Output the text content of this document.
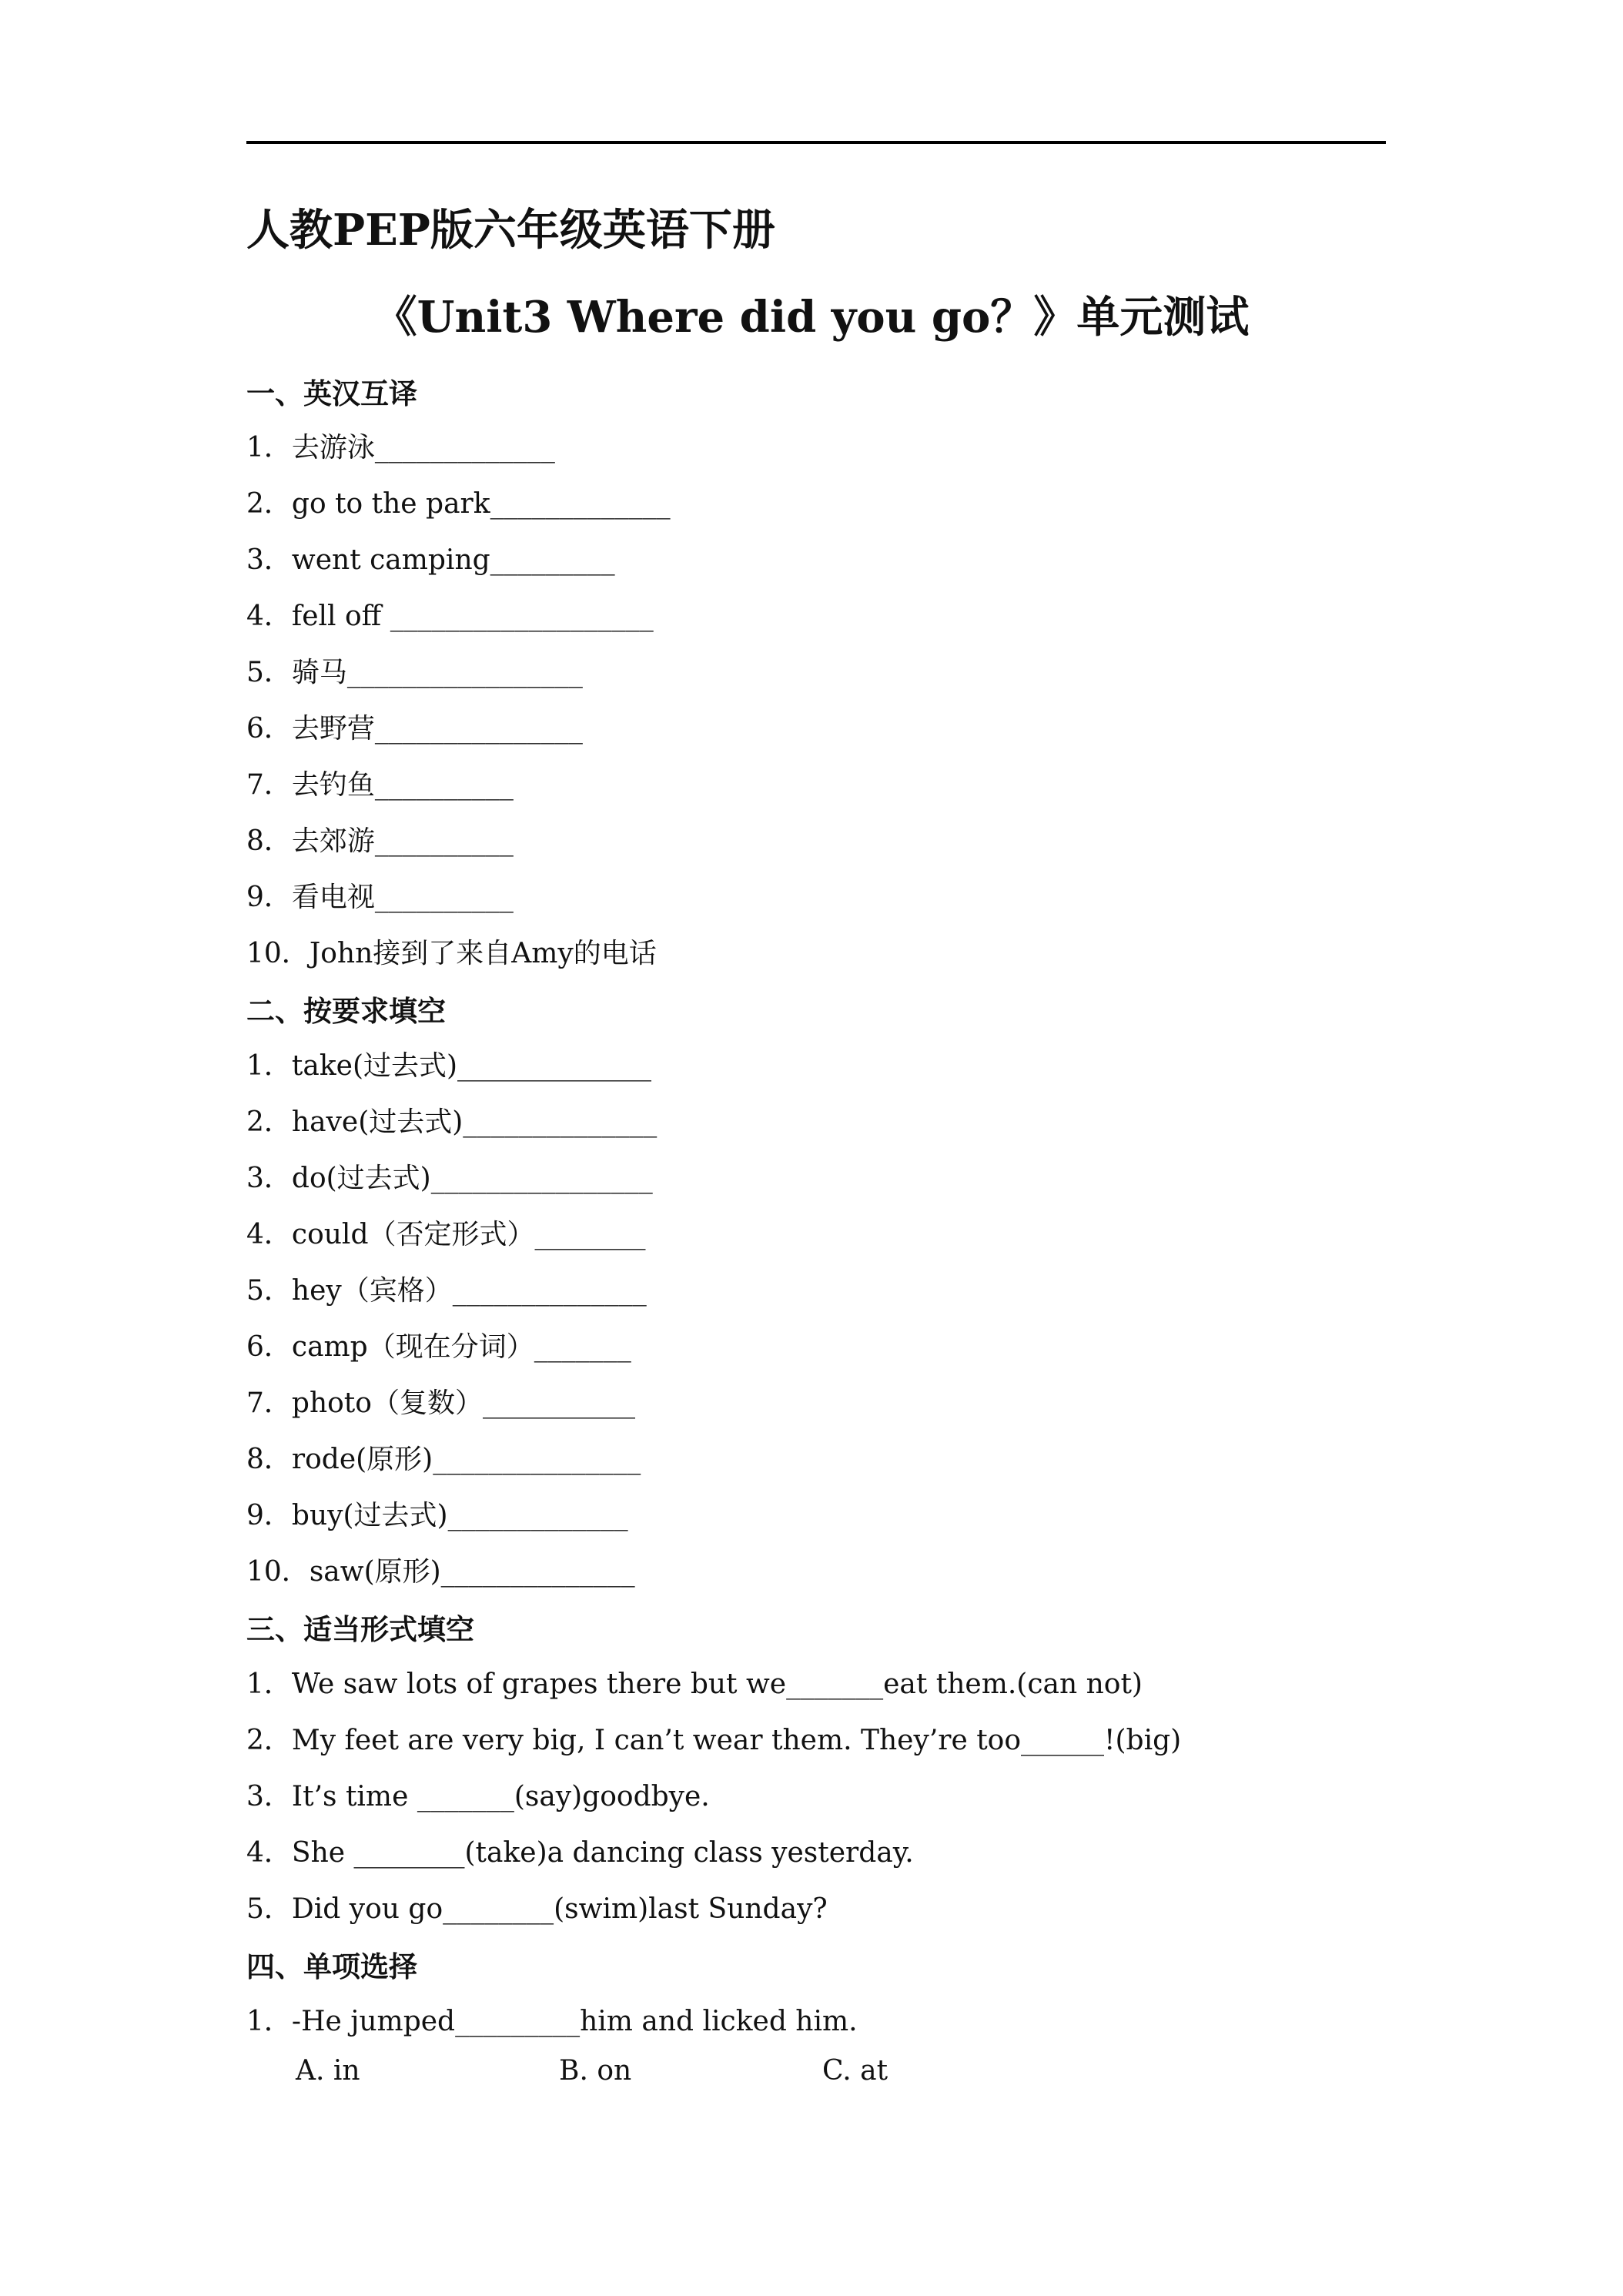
人教PEP版六年级英语下册
《Unit3 Where did you go？》单元测试
一、英汉互译
1．去游泳_____________
2．go to the park_____________
3．went camping_________
4．fell off ___________________
5．骑马_________________
6．去野营_______________
7．去钓鱼__________
8．去郊游__________
9．看电视__________
10．John接到了来自Amy的电话
二、按要求填空
1．take(过去式)______________
2．have(过去式)______________
3．do(过去式)________________
4．could（否定形式）________
5．hey（宾格）______________
6．camp（现在分词）_______
7．photo（复数）___________
8．rode(原形)_______________
9．buy(过去式)_____________
10．saw(原形)______________
三、适当形式填空
1．We saw lots of grapes there but we_______eat them.(can not)
2．My feet are very big, I can’t wear them. They’re too______!(big)
3．It’s time _______(say)goodbye.
4．She ________(take)a dancing class yesterday.
5．Did you go________(swim)last Sunday?
四、单项选择
1．-He jumped_________him and licked him.
A. in	B. on	C. at
